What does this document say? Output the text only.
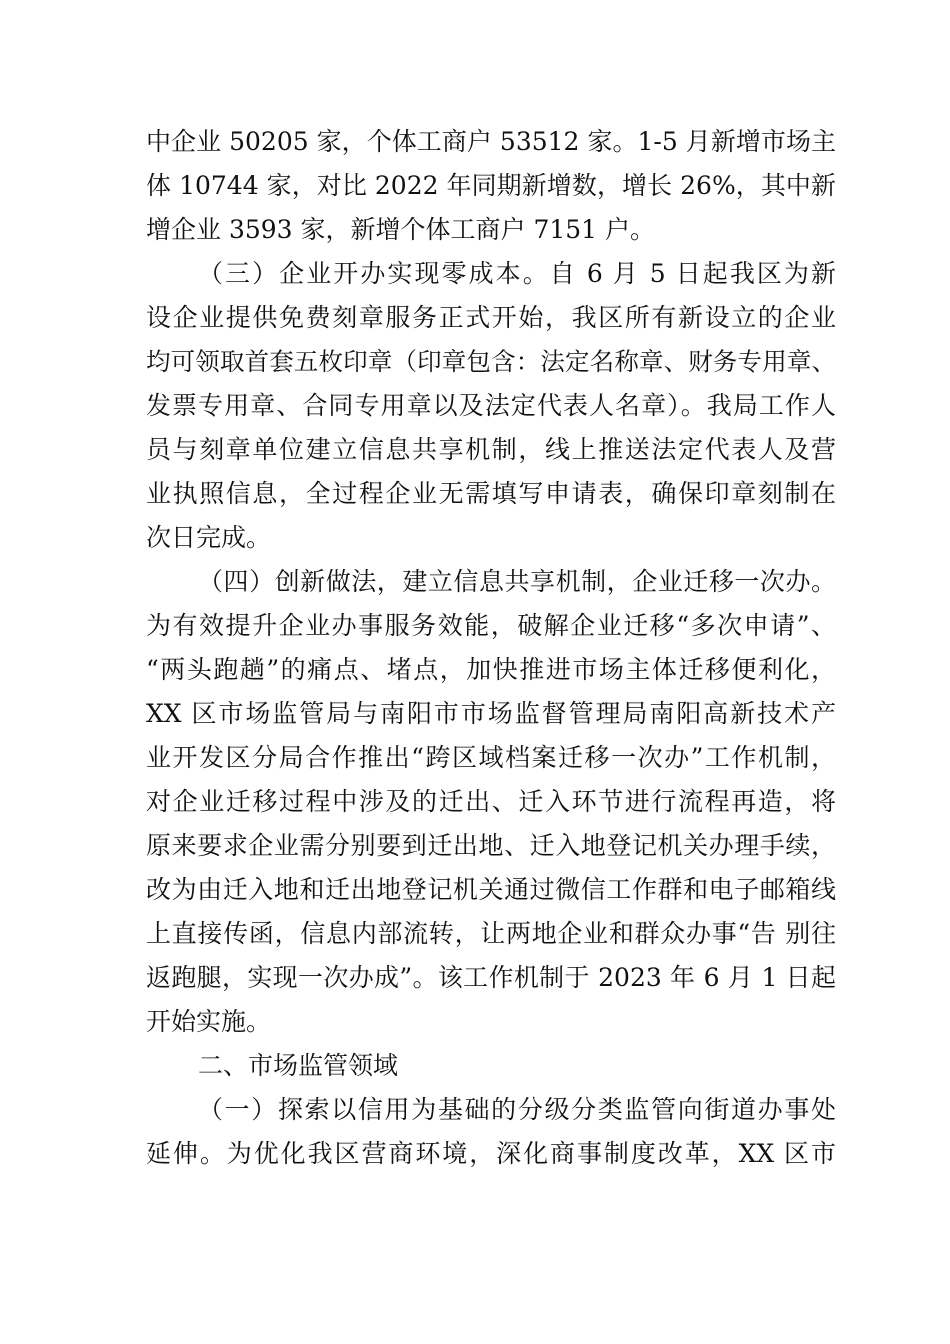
中企业 50205 家，个体工商户 53512 家。1-5 月新增市场主
体 10744 家，对比 2022 年同期新增数，增长 26%，其中新
增企业 3593 家，新增个体工商户 7151 户。
（三）企业开办实现零成本。自 6 月 5 日起我区为新
设企业提供免费刻章服务正式开始，我区所有新设立的企业
均可领取首套五枚印章（印章包含：法定名称章、财务专用章、
发票专用章、合同专用章以及法定代表人名章）。我局工作人
员与刻章单位建立信息共享机制，线上推送法定代表人及营
业执照信息，全过程企业无需填写申请表，确保印章刻制在
次日完成。
（四）创新做法，建立信息共享机制，企业迁移一次办。
为有效提升企业办事服务效能，破解企业迁移“多次申请”、
“两头跑趟”的痛点、堵点，加快推进市场主体迁移便利化，
XX 区市场监管局与南阳市市场监督管理局南阳高新技术产
业开发区分局合作推出“跨区域档案迁移一次办”工作机制，
对企业迁移过程中涉及的迁出、迁入环节进行流程再造，将
原来要求企业需分别要到迁出地、迁入地登记机关办理手续，
改为由迁入地和迁出地登记机关通过微信工作群和电子邮箱线
上直接传函，信息内部流转，让两地企业和群众办事“告 别往
返跑腿，实现一次办成”。该工作机制于 2023 年 6 月 1 日起
开始实施。
二、市场监管领域
（一）探索以信用为基础的分级分类监管向街道办事处
延伸。为优化我区营商环境，深化商事制度改革，XX 区市
